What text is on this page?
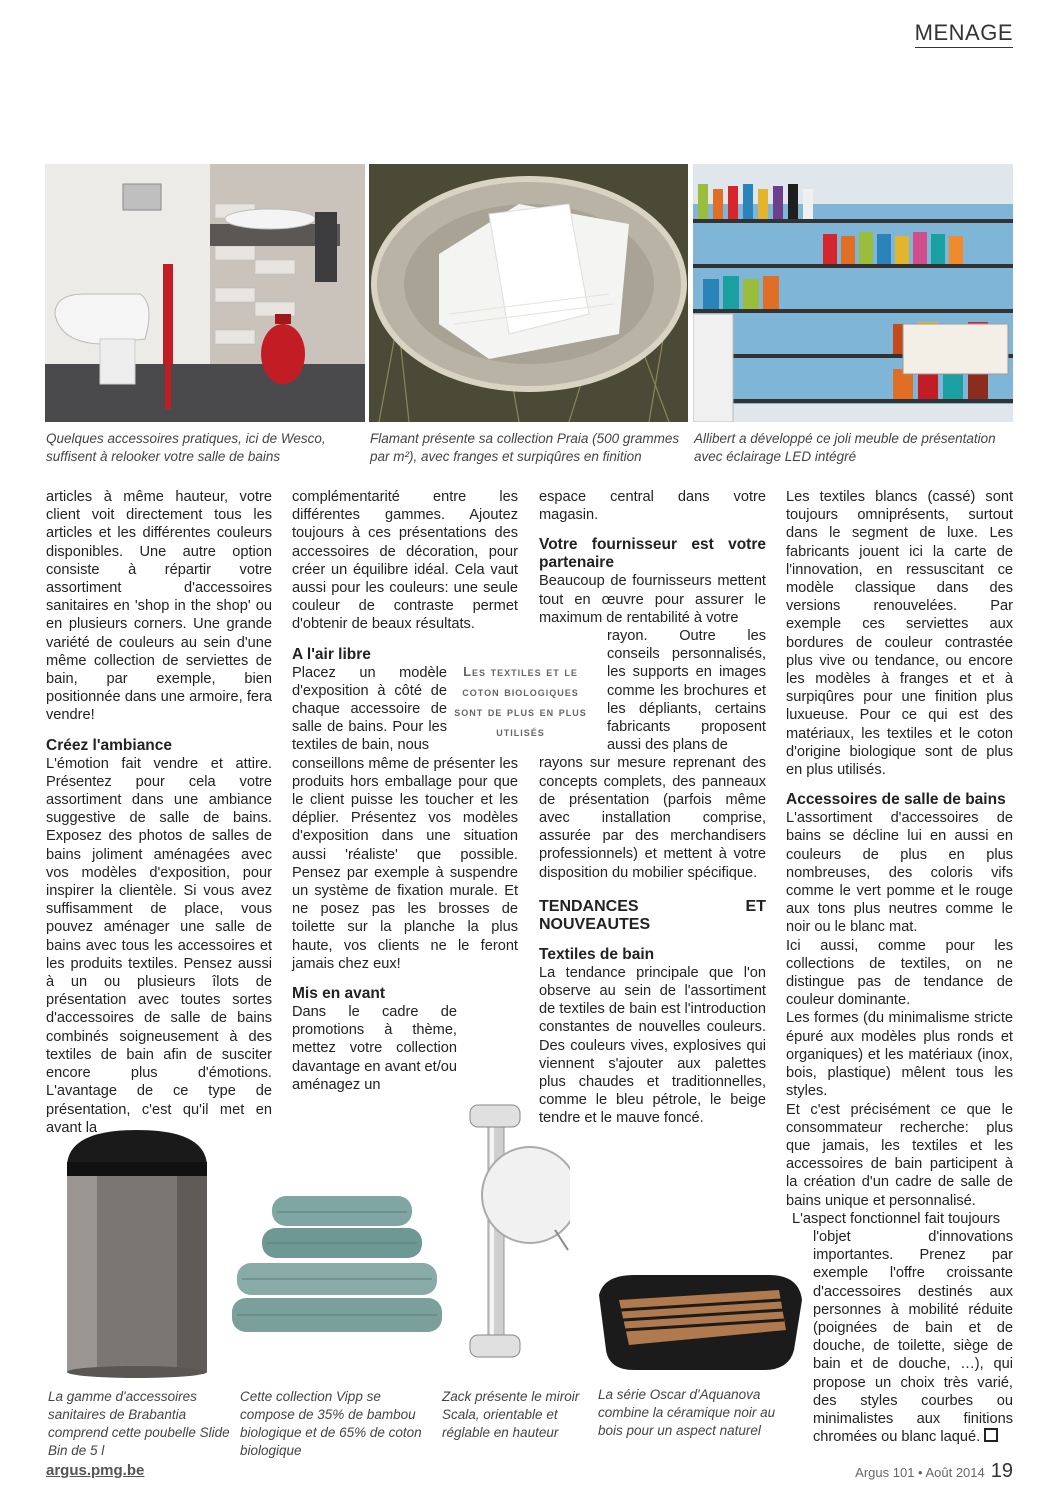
MENAGE
Quelques accessoires pratiques, ici de Wesco, suffisent à relooker votre salle de bains
Flamant présente sa collection Praia (500 grammes par m²), avec franges et surpiqûres en finition
Allibert a développé ce joli meuble de présentation avec éclairage LED intégré

articles à même hauteur, votre client voit directement tous les articles et les différentes couleurs disponibles. Une autre option consiste à répartir votre assortiment d'accessoires sanitaires en 'shop in the shop' ou en plusieurs corners. Une grande variété de couleurs au sein d'une même collection de serviettes de bain, par exemple, bien positionnée dans une armoire, fera vendre!

Créez l'ambiance

L'émotion fait vendre et attire. Présentez pour cela votre assortiment dans une ambiance suggestive de salle de bains. Exposez des photos de salles de bains joliment aménagées avec vos modèles d'exposition, pour inspirer la clientèle. Si vous avez suffisamment de place, vous pouvez aménager une salle de bains avec tous les accessoires et les produits textiles. Pensez aussi à un ou plusieurs îlots de présentation avec toutes sortes d'accessoires de salle de bains combinés soigneusement à des textiles de bain afin de susciter encore plus d'émotions. L'avantage de ce type de présentation, c'est qu'il met en avant la

complémentarité entre les différentes gammes. Ajoutez toujours à ces présentations des accessoires de décoration, pour créer un équilibre idéal. Cela vaut aussi pour les couleurs: une seule couleur de contraste permet d'obtenir de beaux résultats.

A l'air libre

Placez un modèle d'exposition à côté de chaque accessoire de salle de bains. Pour les textiles de bain, nous

conseillons même de présenter les produits hors emballage pour que le client puisse les toucher et les déplier. Présentez vos modèles d'exposition dans une situation aussi 'réaliste' que possible. Pensez par exemple à suspendre un système de fixation murale. Et ne posez pas les brosses de toilette sur la planche la plus haute, vos clients ne le feront jamais chez eux!

Mis en avant

Dans le cadre de promotions à thème, mettez votre collection davantage en avant et/ou aménagez un

Les textiles et le coton biologiques sont de plus en plus utilisés

espace central dans votre magasin.

Votre fournisseur est votre partenaire

Beaucoup de fournisseurs mettent tout en œuvre pour assurer le maximum de rentabilité à votre

rayon. Outre les conseils personnalisés, les supports en images comme les brochures et les dépliants, certains fabricants proposent aussi des plans de

rayons sur mesure reprenant des concepts complets, des panneaux de présentation (parfois même avec installation comprise, assurée par des merchandisers professionnels) et mettent à votre disposition du mobilier spécifique.

TENDANCES ET NOUVEAUTES
Textiles de bain

La tendance principale que l'on observe au sein de l'assortiment de textiles de bain est l'introduction constantes de nouvelles couleurs. Des couleurs vives, explosives qui viennent s'ajouter aux palettes plus chaudes et traditionnelles, comme le bleu pétrole, le beige tendre et le mauve foncé.

Les textiles blancs (cassé) sont toujours omniprésents, surtout dans le segment de luxe. Les fabricants jouent ici la carte de l'innovation, en ressuscitant ce modèle classique dans des versions renouvelées. Par exemple ces serviettes aux bordures de couleur contrastée plus vive ou tendance, ou encore les modèles à franges et et à surpiqûres pour une finition plus luxueuse. Pour ce qui est des matériaux, les textiles et le coton d'origine biologique sont de plus en plus utilisés.

Accessoires de salle de bains

L'assortiment d'accessoires de bains se décline lui en aussi en couleurs de plus en plus nombreuses, des coloris vifs comme le vert pomme et le rouge aux tons plus neutres comme le noir ou le blanc mat.

Ici aussi, comme pour les collections de textiles, on ne distingue pas de tendance de couleur dominante.

Les formes (du minimalisme stricte épuré aux modèles plus ronds et organiques) et les matériaux (inox, bois, plastique) mêlent tous les styles.

Et c'est précisément ce que le consommateur recherche: plus que jamais, les textiles et les accessoires de bain participent à la création d'un cadre de salle de bains unique et personnalisé.

L'aspect fonctionnel fait toujours

l'objet d'innovations importantes. Prenez par exemple l'offre croissante d'accessoires destinés aux personnes à mobilité réduite (poignées de bain et de douche, de toilette, siège de bain et de douche, …), qui propose un choix très varié, des styles courbes ou minimalistes aux finitions chromées ou blanc laqué.

La gamme d'accessoires sanitaires de Brabantia comprend cette poubelle Slide Bin de 5 l
Cette collection Vipp se compose de 35% de bambou biologique et de 65% de coton biologique
Zack présente le miroir Scala, orientable et réglable en hauteur
La série Oscar d'Aquanova combine la céramique noir au bois pour un aspect naturel
argus.pmg.be	Argus 101 • Août 2014 19
